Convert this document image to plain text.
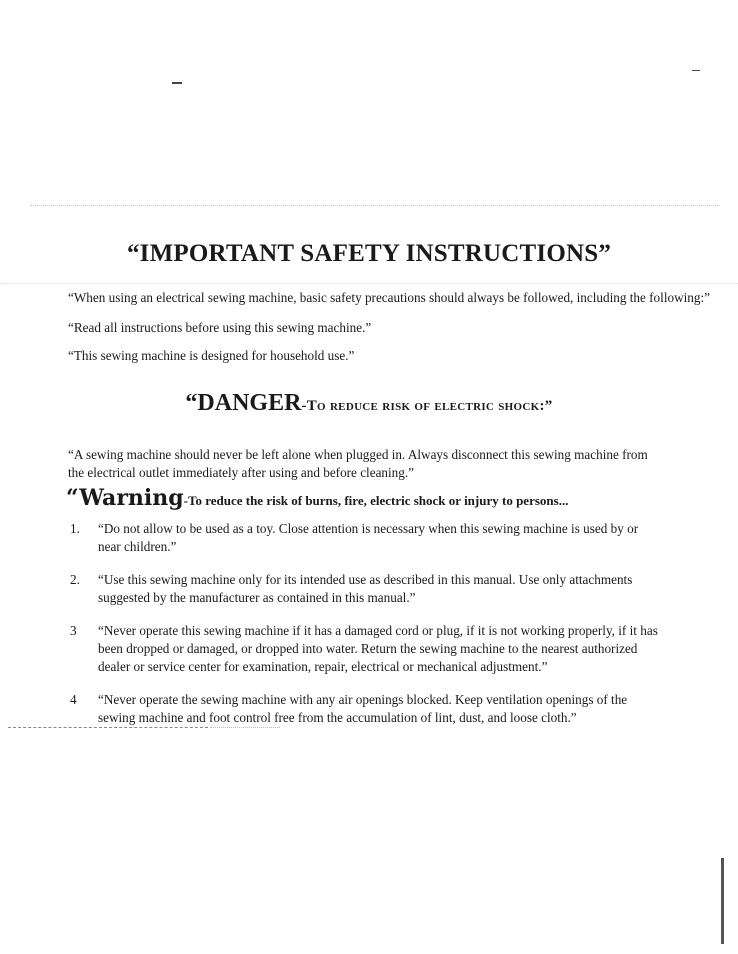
“IMPORTANT SAFETY INSTRUCTIONS”
“When using an electrical sewing machine, basic safety precautions should always be followed, including the following:”
“Read all instructions before using this sewing machine.”
“This sewing machine is designed for household use.”
“DANGER-To reduce risk of electric shock:”
“A sewing machine should never be left alone when plugged in. Always disconnect this sewing machine from the electrical outlet immediately after using and before cleaning.”
“Warning-To reduce the risk of burns, fire, electric shock or injury to persons...
1.	“Do not allow to be used as a toy. Close attention is necessary when this sewing machine is used by or near children.”
2.	“Use this sewing machine only for its intended use as described in this manual. Use only attachments suggested by the manufacturer as contained in this manual.”
3	“Never operate this sewing machine if it has a damaged cord or plug, if it is not working properly, if it has been dropped or damaged, or dropped into water. Return the sewing machine to the nearest authorized dealer or service center for examination, repair, electrical or mechanical adjustment.”
4	“Never operate the sewing machine with any air openings blocked. Keep ventilation openings of the sewing machine and foot control free from the accumulation of lint, dust, and loose cloth.”
